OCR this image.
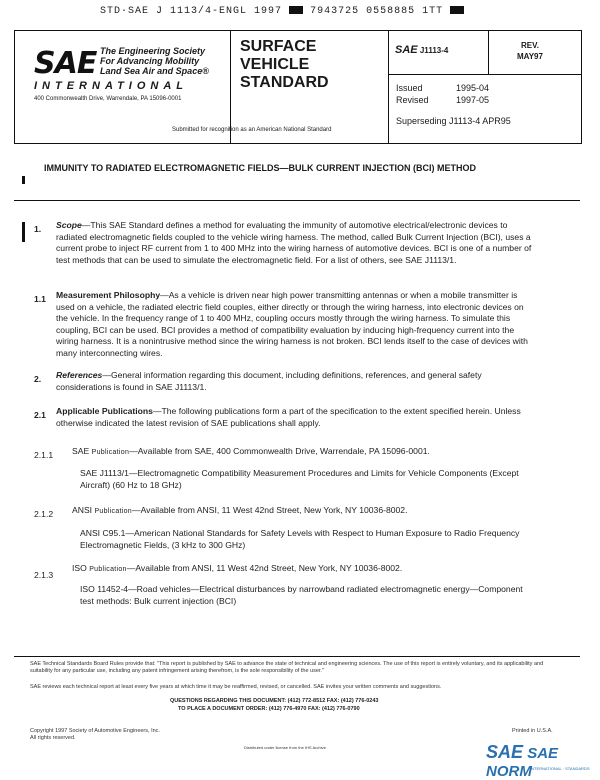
STD·SAE J 1113/4-ENGL 1997	7943725 0558885 1TT
SAE The Engineering Society
For Advancing Mobility
Land Sea Air and Space®
INTERNATIONAL
400 Commonwealth Drive, Warrendale, PA 15096-0001
SURFACE
VEHICLE
STANDARD
SAE J1113-4
REV.
MAY97
Issued	1995-04
Revised	1997-05
Superseding J1113-4 APR95
Submitted for recognition as an American National Standard
IMMUNITY TO RADIATED ELECTROMAGNETIC FIELDS—BULK CURRENT INJECTION (BCI) METHOD
1. Scope—This SAE Standard defines a method for evaluating the immunity of automotive electrical/electronic devices to radiated electromagnetic fields coupled to the vehicle wiring harness. The method, called Bulk Current Injection (BCI), uses a current probe to inject RF current from 1 to 400 MHz into the wiring harness of automotive devices. BCI is one of a number of test methods that can be used to simulate the electromagnetic field. For a list of others, see SAE J1113/1.
1.1 Measurement Philosophy—As a vehicle is driven near high power transmitting antennas or when a mobile transmitter is used on a vehicle, the radiated electric field couples, either directly or through the wiring harness, into electronic devices on the vehicle. In the frequency range of 1 to 400 MHz, coupling occurs mostly through the wiring harness. To simulate this coupling, BCI can be used. BCI provides a method of compatibility evaluation by inducing high-frequency current into the wiring harness. It is a nonintrusive method since the wiring harness is not broken. BCI lends itself to the case of devices with many interconnecting wires.
2. References—General information regarding this document, including definitions, references, and general safety considerations is found in SAE J1113/1.
2.1 Applicable Publications—The following publications form a part of the specification to the extent specified herein. Unless otherwise indicated the latest revision of SAE publications shall apply.
2.1.1 SAE Publication—Available from SAE, 400 Commonwealth Drive, Warrendale, PA 15096-0001.
SAE J1113/1—Electromagnetic Compatibility Measurement Procedures and Limits for Vehicle Components (Except Aircraft) (60 Hz to 18 GHz)
2.1.2 ANSI Publication—Available from ANSI, 11 West 42nd Street, New York, NY 10036-8002.
ANSI C95.1—American National Standards for Safety Levels with Respect to Human Exposure to Radio Frequency Electromagnetic Fields, (3 kHz to 300 GHz)
2.1.3
ISO Publication—Available from ANSI, 11 West 42nd Street, New York, NY 10036-8002.
ISO 11452-4—Road vehicles—Electrical disturbances by narrowband radiated electromagnetic energy—Component test methods: Bulk current injection (BCI)
SAE Technical Standards Board Rules provide that: "This report is published by SAE to advance the state of technical and engineering sciences. The use of this report is entirely voluntary, and its applicability and suitability for any particular use, including any patent infringement arising therefrom, is the sole responsibility of the user."
SAE reviews each technical report at least every five years at which time it may be reaffirmed, revised, or cancelled. SAE invites your written comments and suggestions.
QUESTIONS REGARDING THIS DOCUMENT: (412) 772-8512 FAX: (412) 776-0243
TO PLACE A DOCUMENT ORDER: (412) 776-4970 FAX: (412) 776-0790
Copyright 1997 Society of Automotive Engineers, Inc.
All rights reserved.
Printed in U.S.A.
Distributed under license from the IHS Archive	SAE SAE NORM
INTERNATIONAL · STANDARDS
